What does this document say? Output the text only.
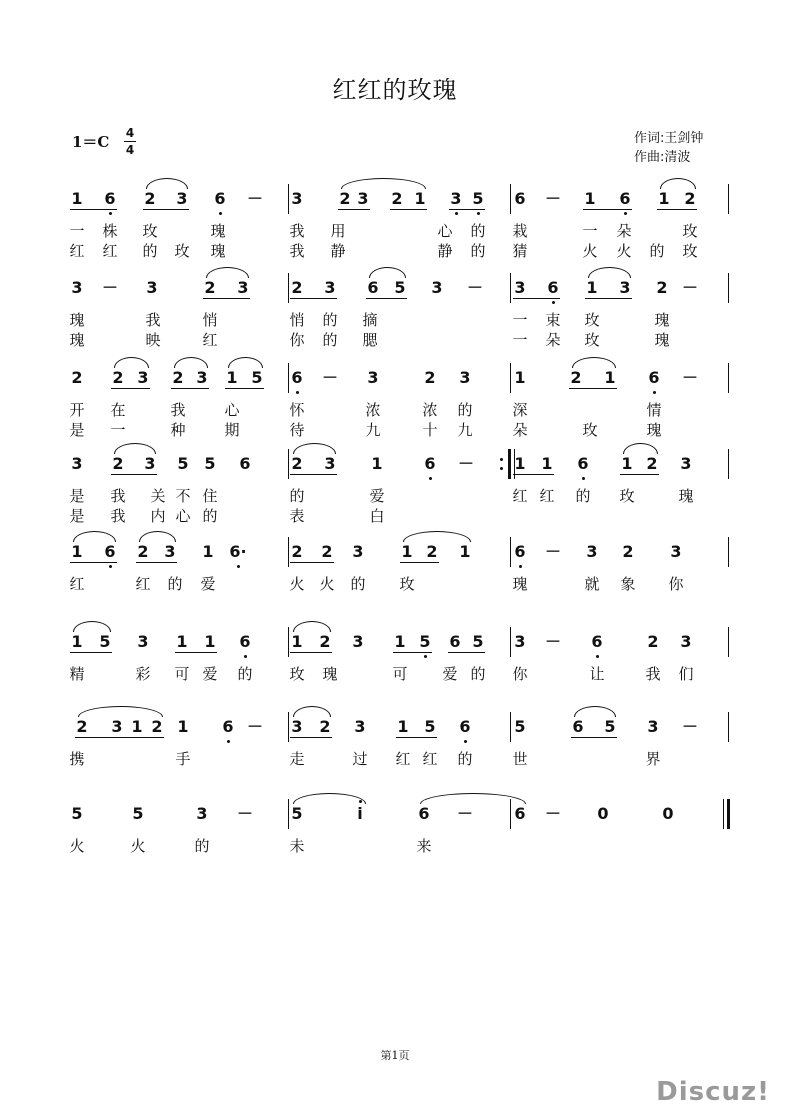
红红的玫瑰
1＝C 4
4
作词:王剑钟
作曲:清波
1 6 2 3 6 － 3 2 3 2 1 3 5 6 － 1 6 1 2
一 株 玫	瑰	我 用	心 的 栽	一 朵	玫
红 红 的 玫 瑰	我 静	静 的 猜	火 火 的 玫
3 － 3	2 3	2 3 6 5 3 － 3 6 1 3 2 －
瑰	我	悄	悄 的 摘	一 束 玫	瑰
瑰	映	红	你 的 腮	一 朵 玫	瑰
2 2 3 2 3 1 5 6 － 3	2 3	1	2 1 6 －
开 在	我	心	怀	浓	浓 的	深	情
是 一	种	期	待	九	十 九	朵	玫	瑰
3 2 3 5 5 6	2 3 1	6 －	1 1 6 1 2 3
是 我 关 不 住	的	爱	红 红 的 玫	瑰
是 我 内 心 的	表	白
1 6 2 3 1 6·	2 2 3 1 2 1	6 － 3 2 3
红	红 的 爱	火 火 的 玫	瑰	就 象 你
1 5 3 1 1 6	1 2 3 1 5 6 5 3 － 6	2 3
精	彩 可 爱 的 玫 瑰	可 爱 的 你	让	我 们
2 3 1 2 1 6 － 3 2 3 1 5 6	5	6 5 3 －
携	手	走	过 红 红 的	世	界
5	5	3 － 5	i	6 －	6 － 0	0
火	火	的	未	来
第1页
Discuz!
